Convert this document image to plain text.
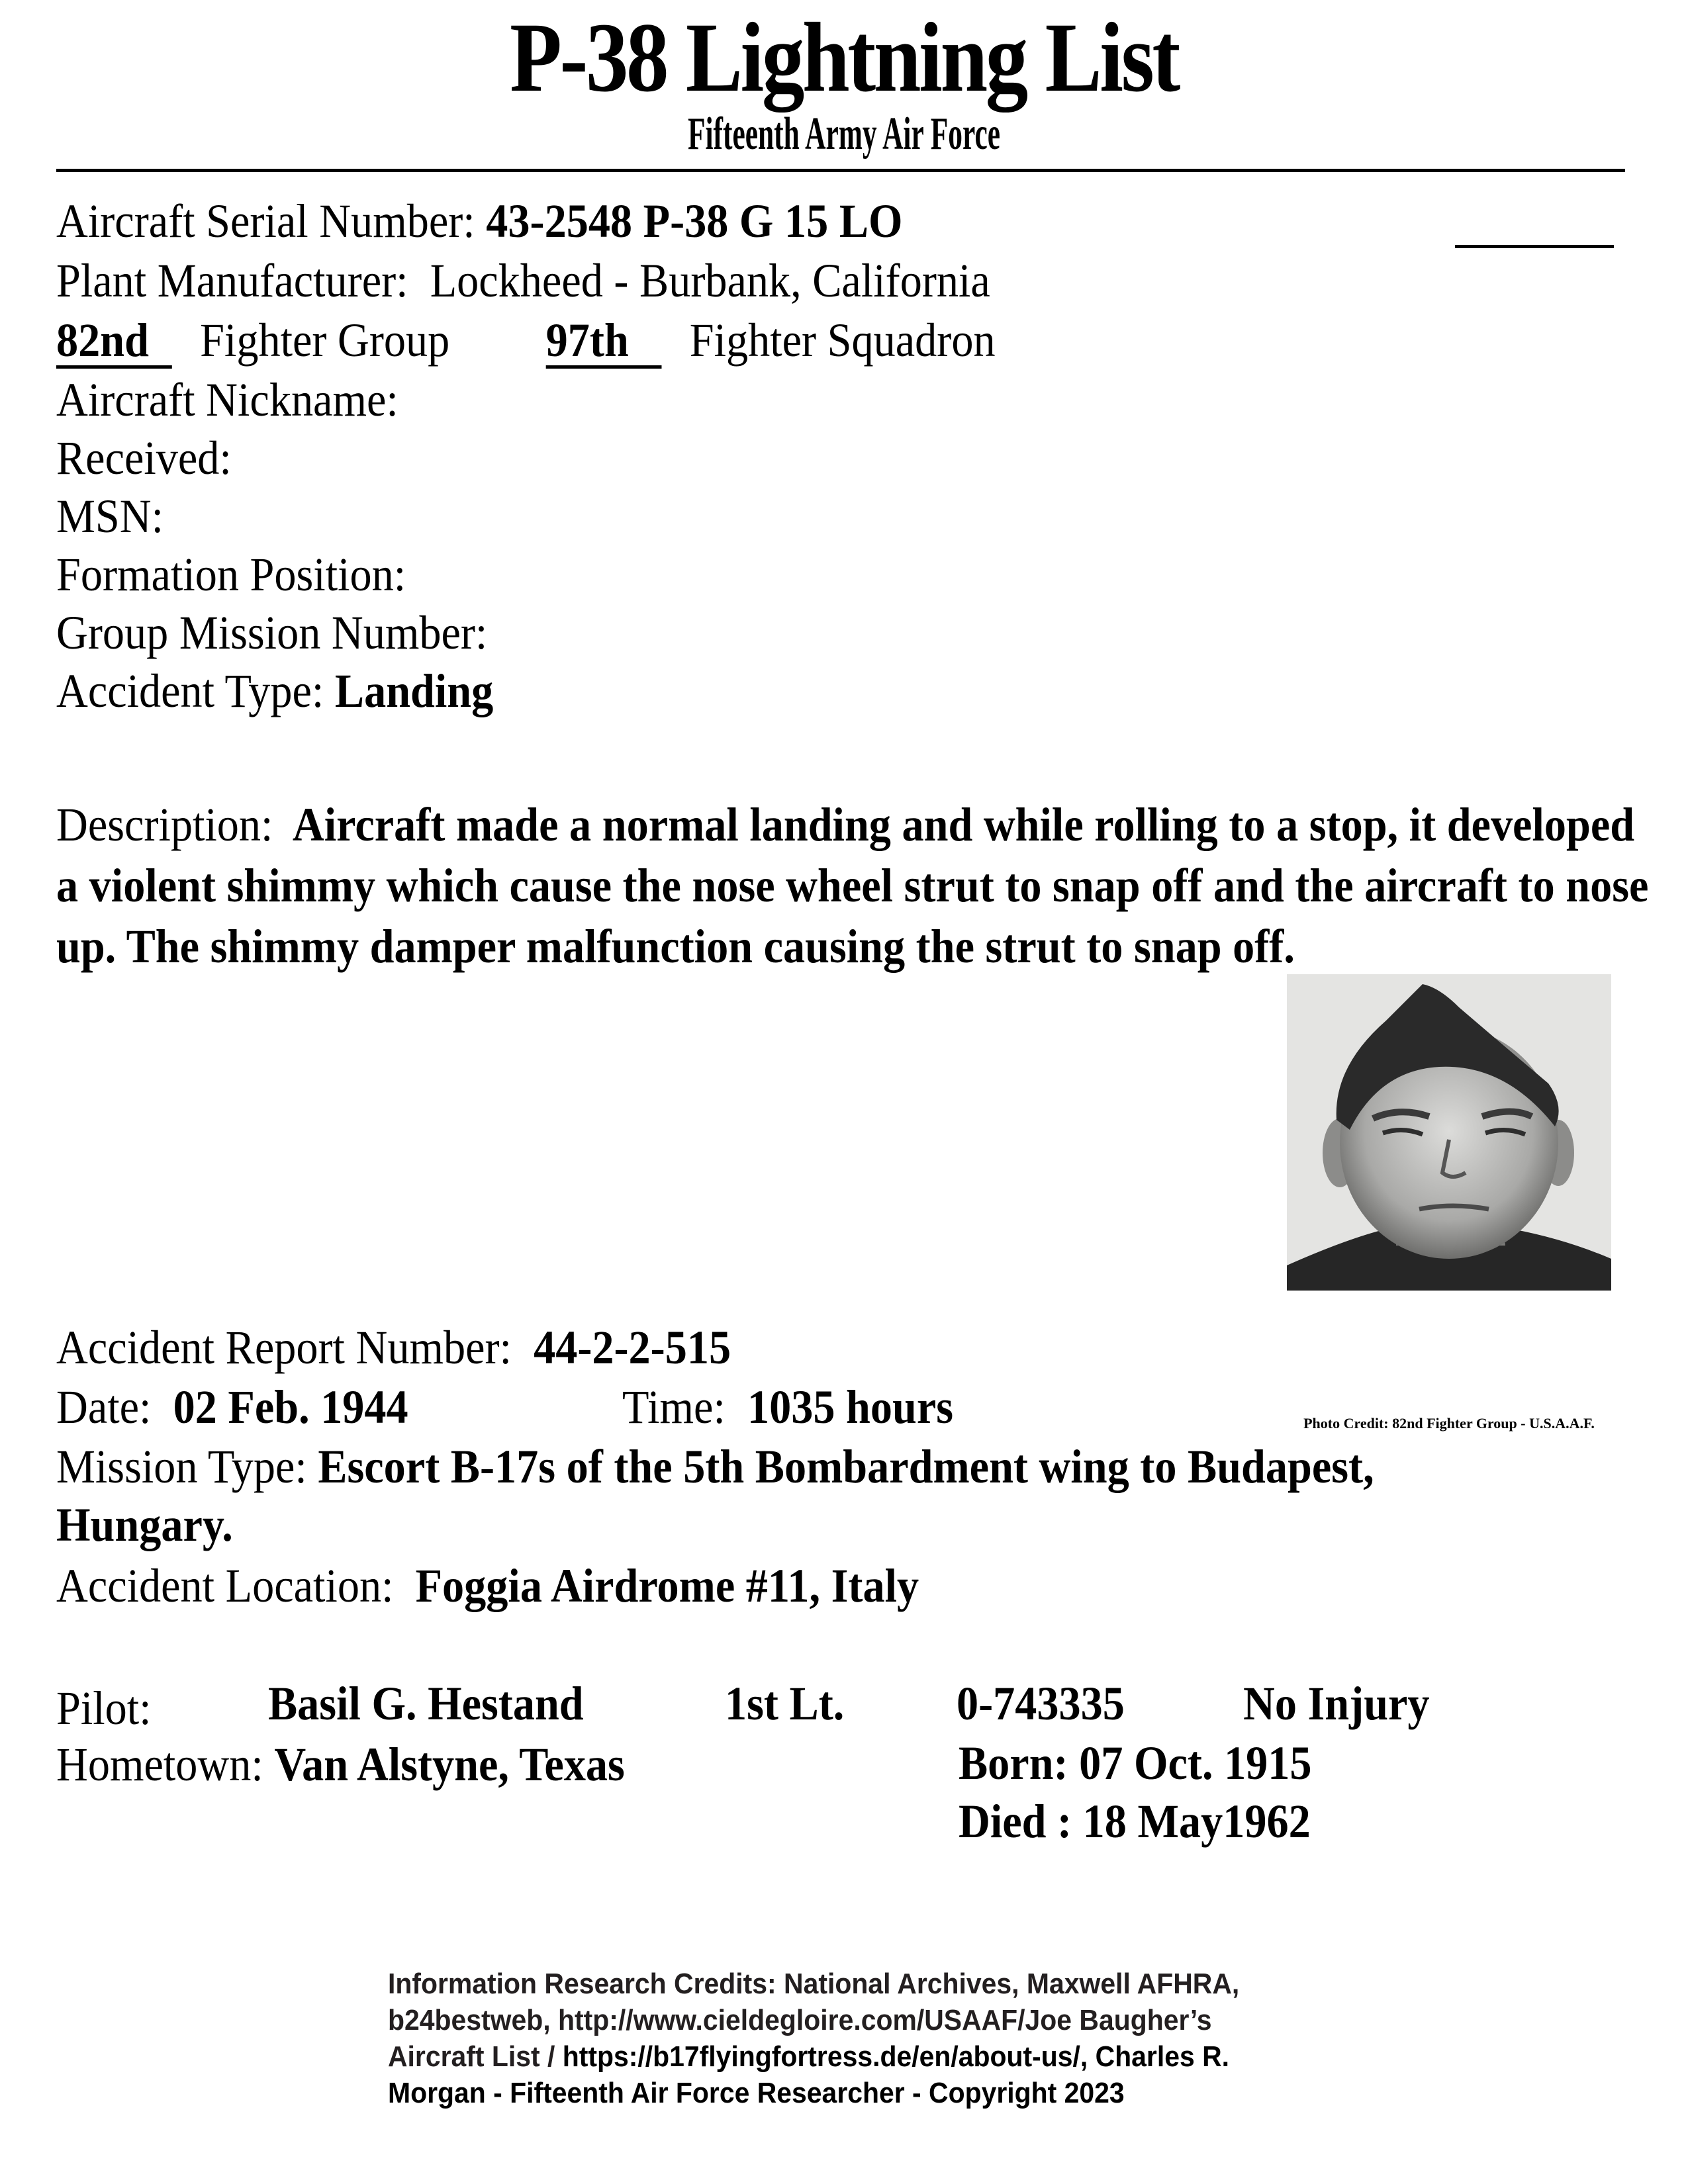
P-38 Lightning List
Fifteenth Army Air Force
Aircraft Serial Number: 43-2548 P-38 G 15 LO
Plant Manufacturer: Lockheed - Burbank, California
82nd Fighter Group 97th Fighter Squadron
Aircraft Nickname:
Received:
MSN:
Formation Position:
Group Mission Number:
Accident Type: Landing
Description: Aircraft made a normal landing and while rolling to a stop, it developed a violent shimmy which cause the nose wheel strut to snap off and the aircraft to nose up. The shimmy damper malfunction causing the strut to snap off.
Photo Credit: 82nd Fighter Group - U.S.A.A.F.
Accident Report Number: 44-2-2-515
Date: 02 Feb. 1944	Time: 1035 hours
Mission Type: Escort B-17s of the 5th Bombardment wing to Budapest,
Hungary.
Accident Location: Foggia Airdrome #11, Italy
Pilot: Basil G. Hestand	1st Lt. 0-743335 No Injury
Hometown: Van Alstyne, Texas	Born: 07 Oct. 1915
Died : 18 May1962
Information Research Credits: National Archives, Maxwell AFHRA,
b24bestweb, http://www.cieldegloire.com/USAAF/Joe Baugher’s
Aircraft List / https://b17flyingfortress.de/en/about-us/, Charles R.
Morgan - Fifteenth Air Force Researcher - Copyright 2023
